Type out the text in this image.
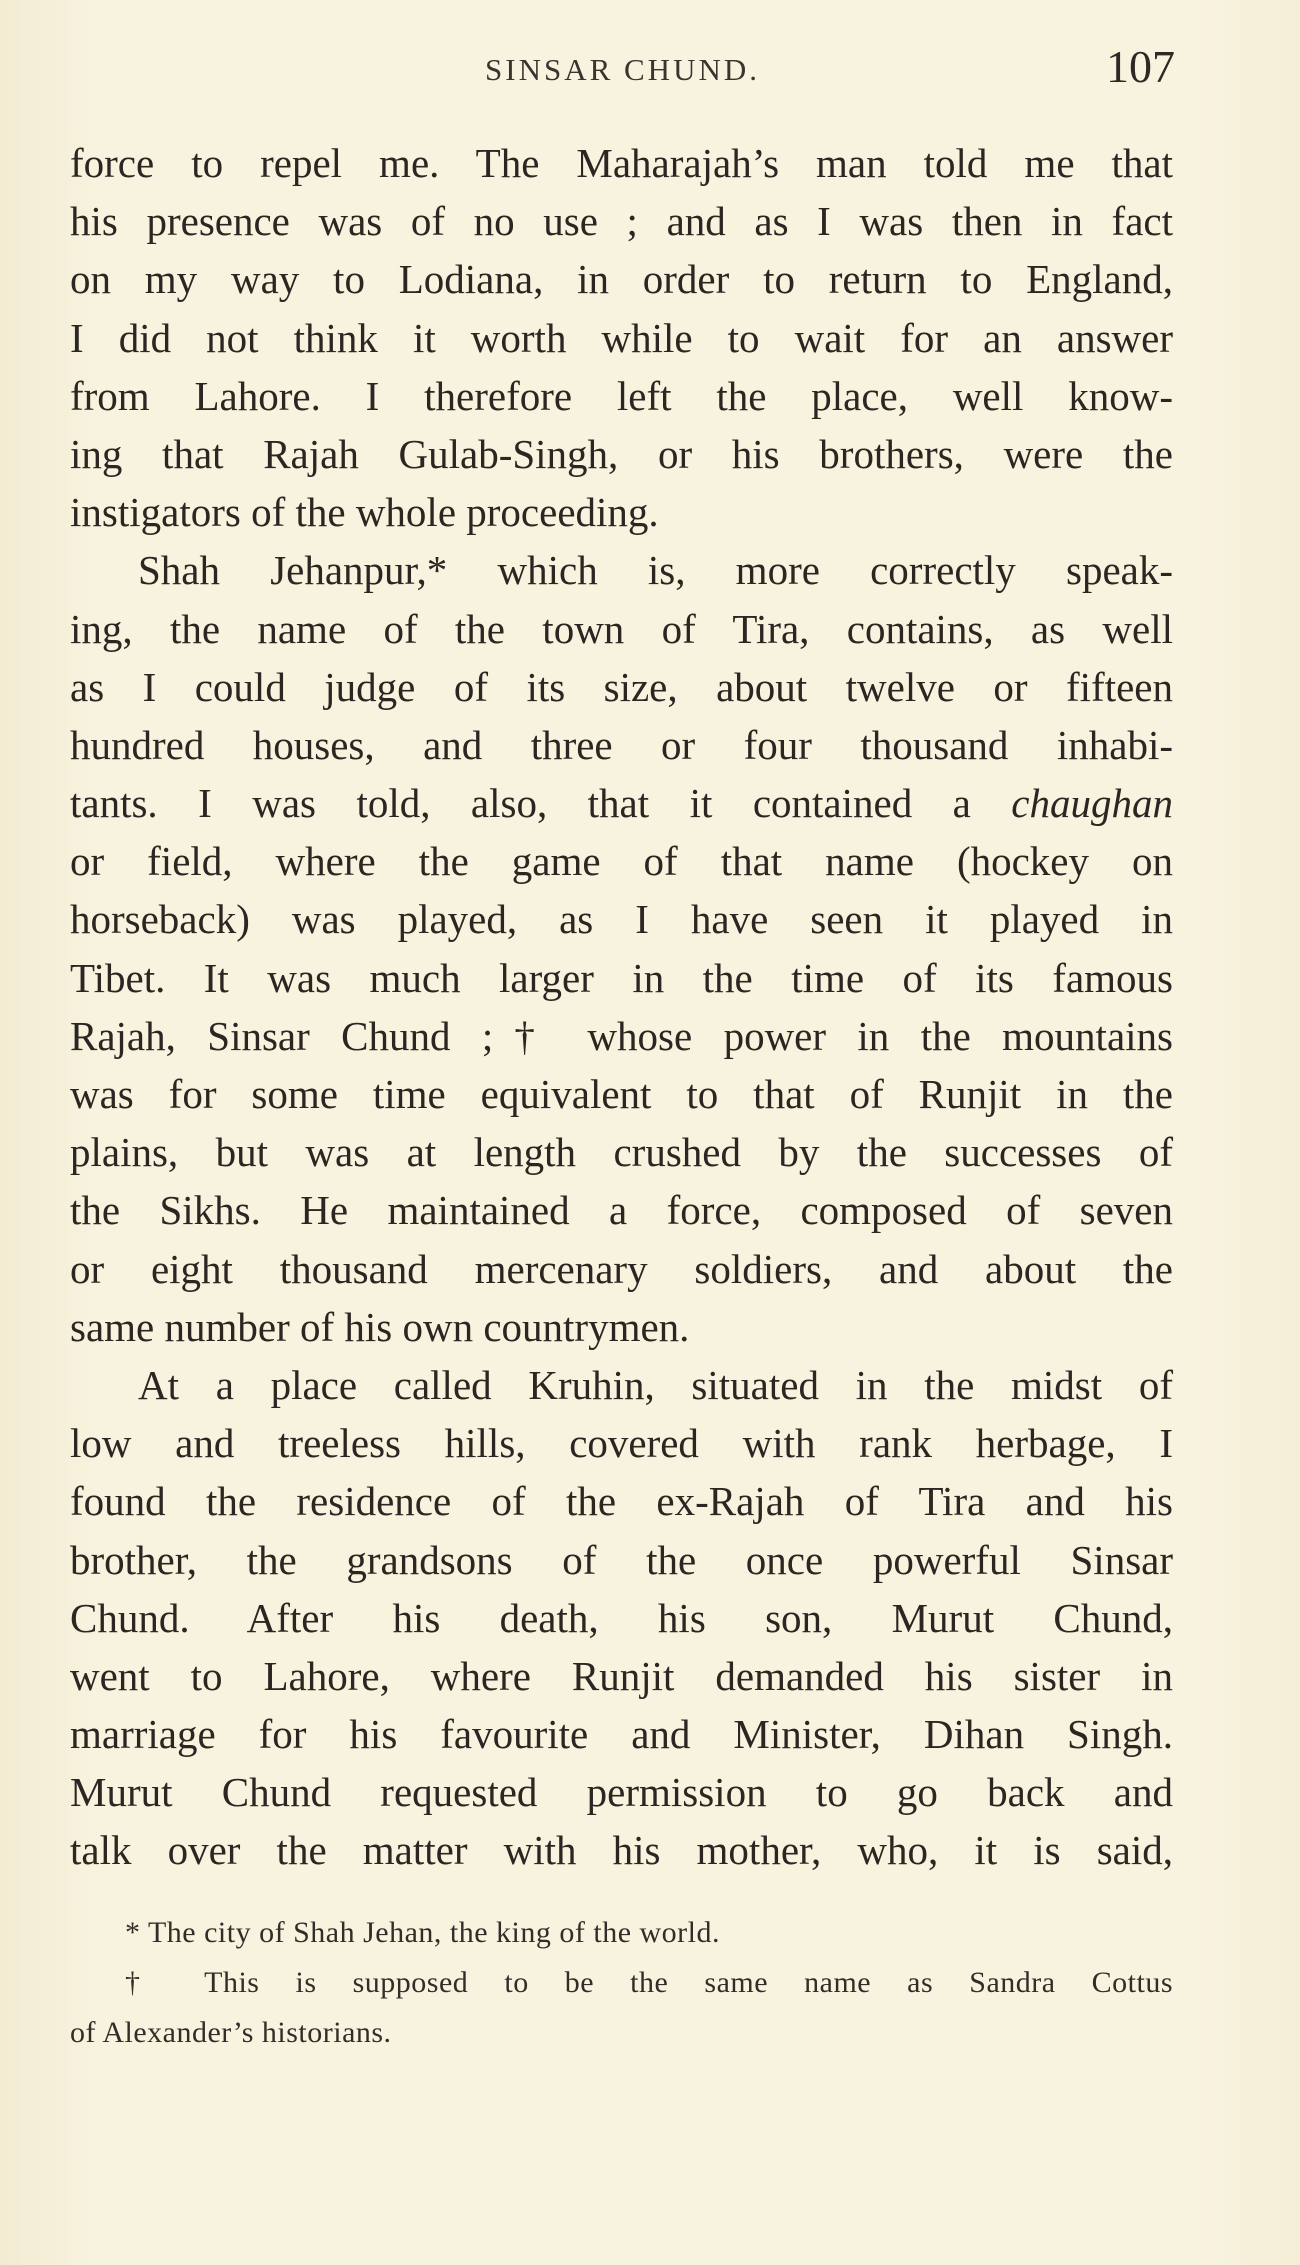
SINSAR CHUND.	107
force to repel me. The Maharajah’s man told me that
his presence was of no use ; and as I was then in fact
on my way to Lodiana, in order to return to England,
I did not think it worth while to wait for an answer
from Lahore. I therefore left the place, well know-
ing that Rajah Gulab-Singh, or his brothers, were the
instigators of the whole proceeding.
Shah Jehanpur,* which is, more correctly speak-
ing, the name of the town of Tira, contains, as well
as I could judge of its size, about twelve or fifteen
hundred houses, and three or four thousand inhabi-
tants. I was told, also, that it contained a chaughan
or field, where the game of that name (hockey on
horseback) was played, as I have seen it played in
Tibet. It was much larger in the time of its famous
Rajah, Sinsar Chund ;† whose power in the mountains
was for some time equivalent to that of Runjit in the
plains, but was at length crushed by the successes of
the Sikhs. He maintained a force, composed of seven
or eight thousand mercenary soldiers, and about the
same number of his own countrymen.
At a place called Kruhin, situated in the midst of
low and treeless hills, covered with rank herbage, I
found the residence of the ex-Rajah of Tira and his
brother, the grandsons of the once powerful Sinsar
Chund. After his death, his son, Murut Chund,
went to Lahore, where Runjit demanded his sister in
marriage for his favourite and Minister, Dihan Singh.
Murut Chund requested permission to go back and
talk over the matter with his mother, who, it is said,
* The city of Shah Jehan, the king of the world.
† This is supposed to be the same name as Sandra Cottus
of Alexander’s historians.
